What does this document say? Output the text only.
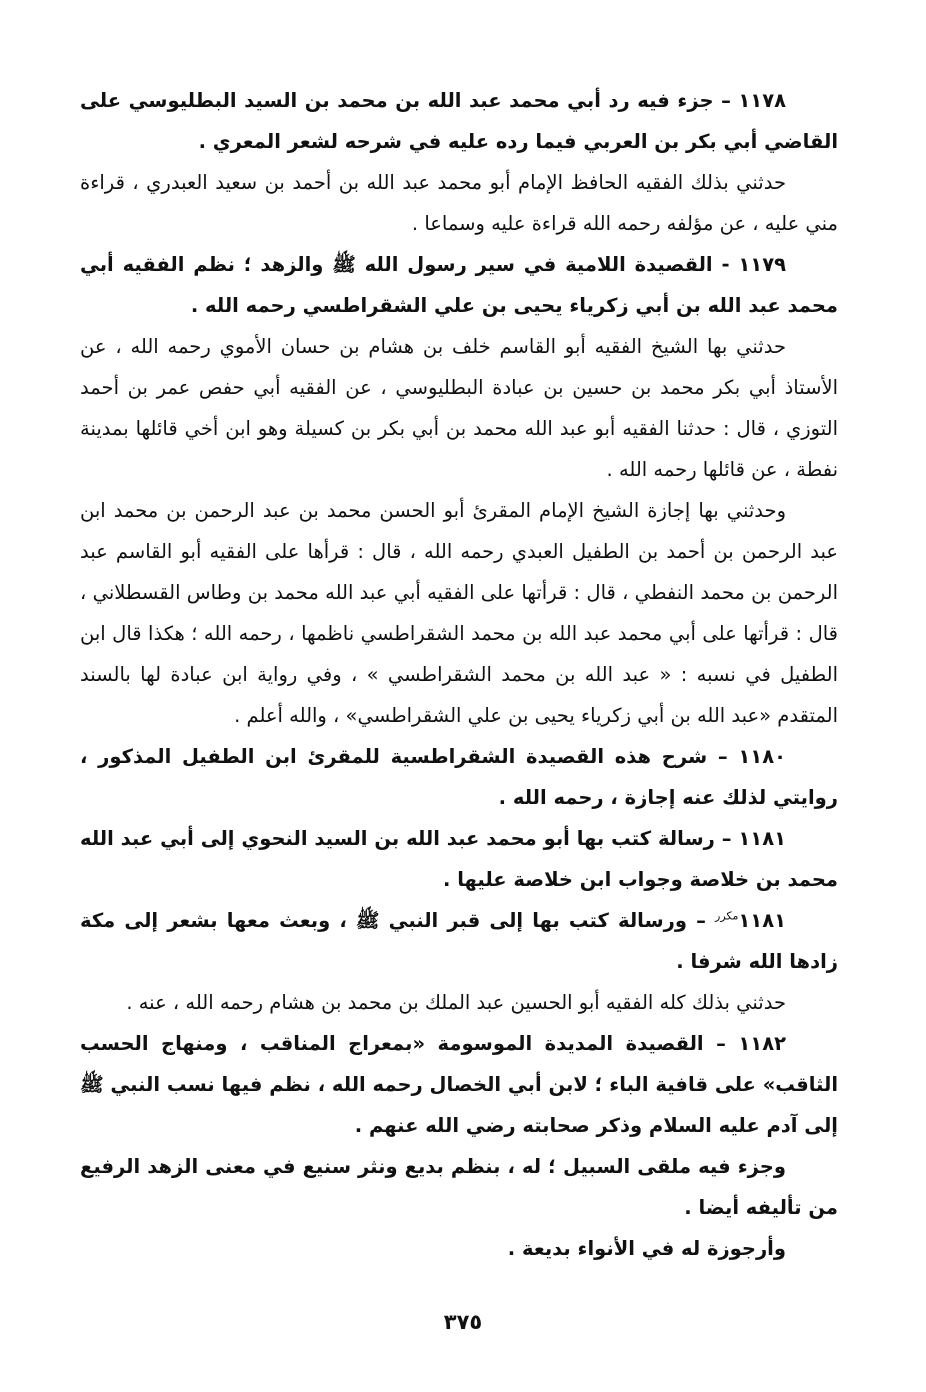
١١٧٨ – جزء فيه رد أبي محمد عبد الله بن محمد بن السيد البطليوسي على القاضي أبي بكر بن العربي فيما رده عليه في شرحه لشعر المعري .

حدثني بذلك الفقيه الحافظ الإمام أبو محمد عبد الله بن أحمد بن سعيد العبدري ، قراءة مني عليه ، عن مؤلفه رحمه الله قراءة عليه وسماعا .

١١٧٩ - القصيدة اللامية في سير رسول الله ﷺ والزهد ؛ نظم الفقيه أبي محمد عبد الله بن أبي زكرياء يحيى بن علي الشقراطسي رحمه الله .

حدثني بها الشيخ الفقيه أبو القاسم خلف بن هشام بن حسان الأموي رحمه الله ، عن الأستاذ أبي بكر محمد بن حسين بن عبادة البطليوسي ، عن الفقيه أبي حفص عمر بن أحمد التوزي ، قال : حدثنا الفقيه أبو عبد الله محمد بن أبي بكر بن كسيلة وهو ابن أخي قائلها بمدينة نفطة ، عن قائلها رحمه الله .

وحدثني بها إجازة الشيخ الإمام المقرئ أبو الحسن محمد بن عبد الرحمن بن محمد ابن عبد الرحمن بن أحمد بن الطفيل العبدي رحمه الله ، قال : قرأها على الفقيه أبو القاسم عبد الرحمن بن محمد النفطي ، قال : قرأتها على الفقيه أبي عبد الله محمد بن وطاس القسطلاني ، قال : قرأتها على أبي محمد عبد الله بن محمد الشقراطسي ناظمها ، رحمه الله ؛ هكذا قال ابن الطفيل في نسبه : « عبد الله بن محمد الشقراطسي » ، وفي رواية ابن عبادة لها بالسند المتقدم «عبد الله بن أبي زكرياء يحيى بن علي الشقراطسي» ، والله أعلم .

١١٨٠ – شرح هذه القصيدة الشقراطسية للمقرئ ابن الطفيل المذكور ، روايتي لذلك عنه إجازة ، رحمه الله .

١١٨١ – رسالة كتب بها أبو محمد عبد الله بن السيد النحوي إلى أبي عبد الله محمد بن خلاصة وجواب ابن خلاصة عليها .

$١١٨١^{مكرر}$ – ورسالة كتب بها إلى قبر النبي ﷺ ، وبعث معها بشعر إلى مكة زادها الله شرفا .

حدثني بذلك كله الفقيه أبو الحسين عبد الملك بن محمد بن هشام رحمه الله ، عنه .

١١٨٢ – القصيدة المديدة الموسومة «بمعراج المناقب ، ومنهاج الحسب الثاقب» على قافية الباء ؛ لابن أبي الخصال رحمه الله ، نظم فيها نسب النبي ﷺ إلى آدم عليه السلام وذكر صحابته رضي الله عنهم .

وجزء فيه ملقى السبيل ؛ له ، بنظم بديع ونثر سنيع في معنى الزهد الرفيع من تأليفه أيضا .

وأرجوزة له في الأنواء بديعة .

٣٧٥
